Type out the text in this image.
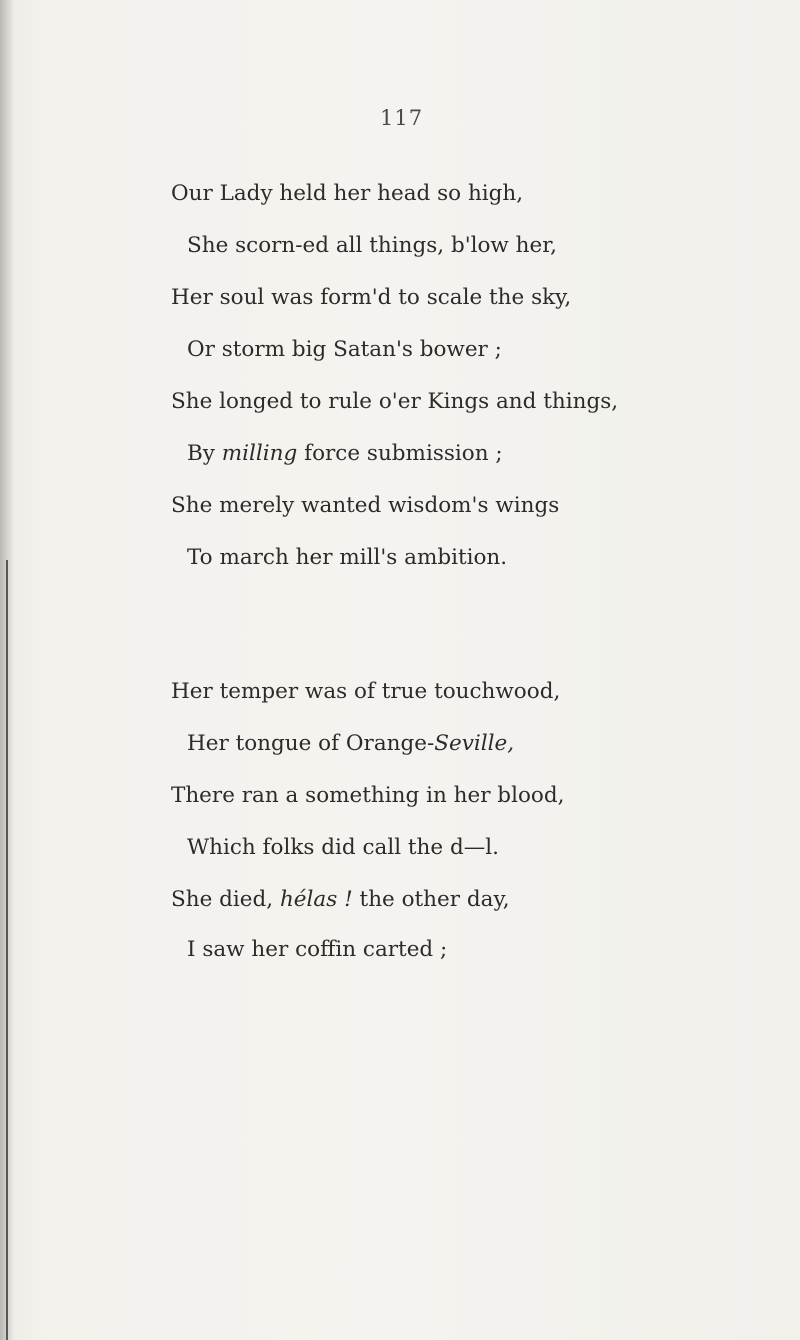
117
Our Lady held her head so high,
She scorn-ed all things, b'low her,
Her soul was form'd to scale the sky,
Or storm big Satan's bower ;
She longed to rule o'er Kings and things,
By milling force submission ;
She merely wanted wisdom's wings
To march her mill's ambition.
Her temper was of true touchwood,
Her tongue of Orange-Seville,
There ran a something in her blood,
Which folks did call the d—l.
She died, hélas ! the other day,
I saw her coffin carted ;
